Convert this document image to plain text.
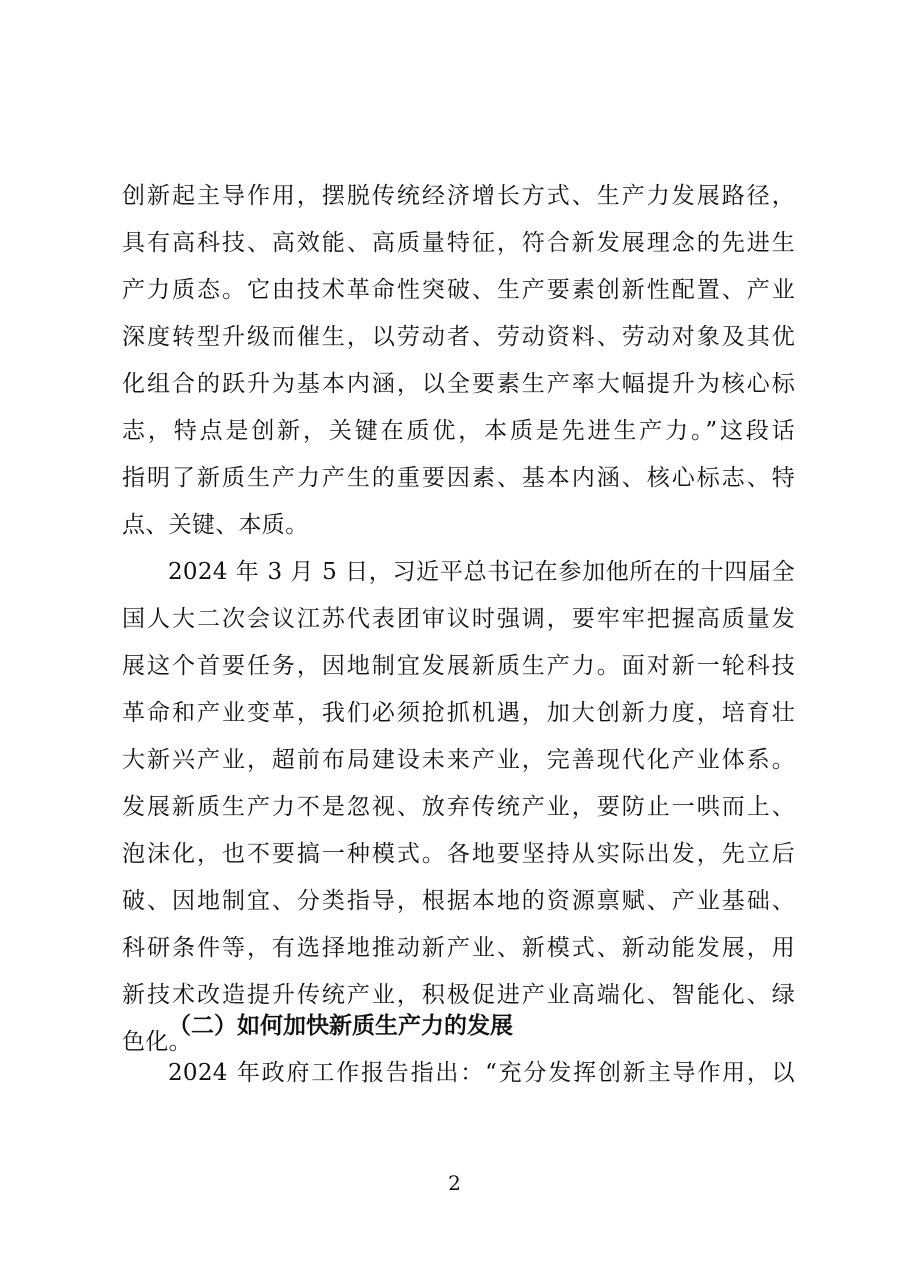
创新起主导作用，摆脱传统经济增长方式、生产力发展路径，
具有高科技、高效能、高质量特征，符合新发展理念的先进生
产力质态。它由技术革命性突破、生产要素创新性配置、产业
深度转型升级而催生，以劳动者、劳动资料、劳动对象及其优
化组合的跃升为基本内涵，以全要素生产率大幅提升为核心标
志，特点是创新，关键在质优，本质是先进生产力。”这段话
指明了新质生产力产生的重要因素、基本内涵、核心标志、特
点、关键、本质。
2024 年 3 月 5 日，习近平总书记在参加他所在的十四届全
国人大二次会议江苏代表团审议时强调，要牢牢把握高质量发
展这个首要任务，因地制宜发展新质生产力。面对新一轮科技
革命和产业变革，我们必须抢抓机遇，加大创新力度，培育壮
大新兴产业，超前布局建设未来产业，完善现代化产业体系。
发展新质生产力不是忽视、放弃传统产业，要防止一哄而上、
泡沫化，也不要搞一种模式。各地要坚持从实际出发，先立后
破、因地制宜、分类指导，根据本地的资源禀赋、产业基础、
科研条件等，有选择地推动新产业、新模式、新动能发展，用
新技术改造提升传统产业，积极促进产业高端化、智能化、绿
色化。
（二）如何加快新质生产力的发展
2024 年政府工作报告指出：“充分发挥创新主导作用，以
2
